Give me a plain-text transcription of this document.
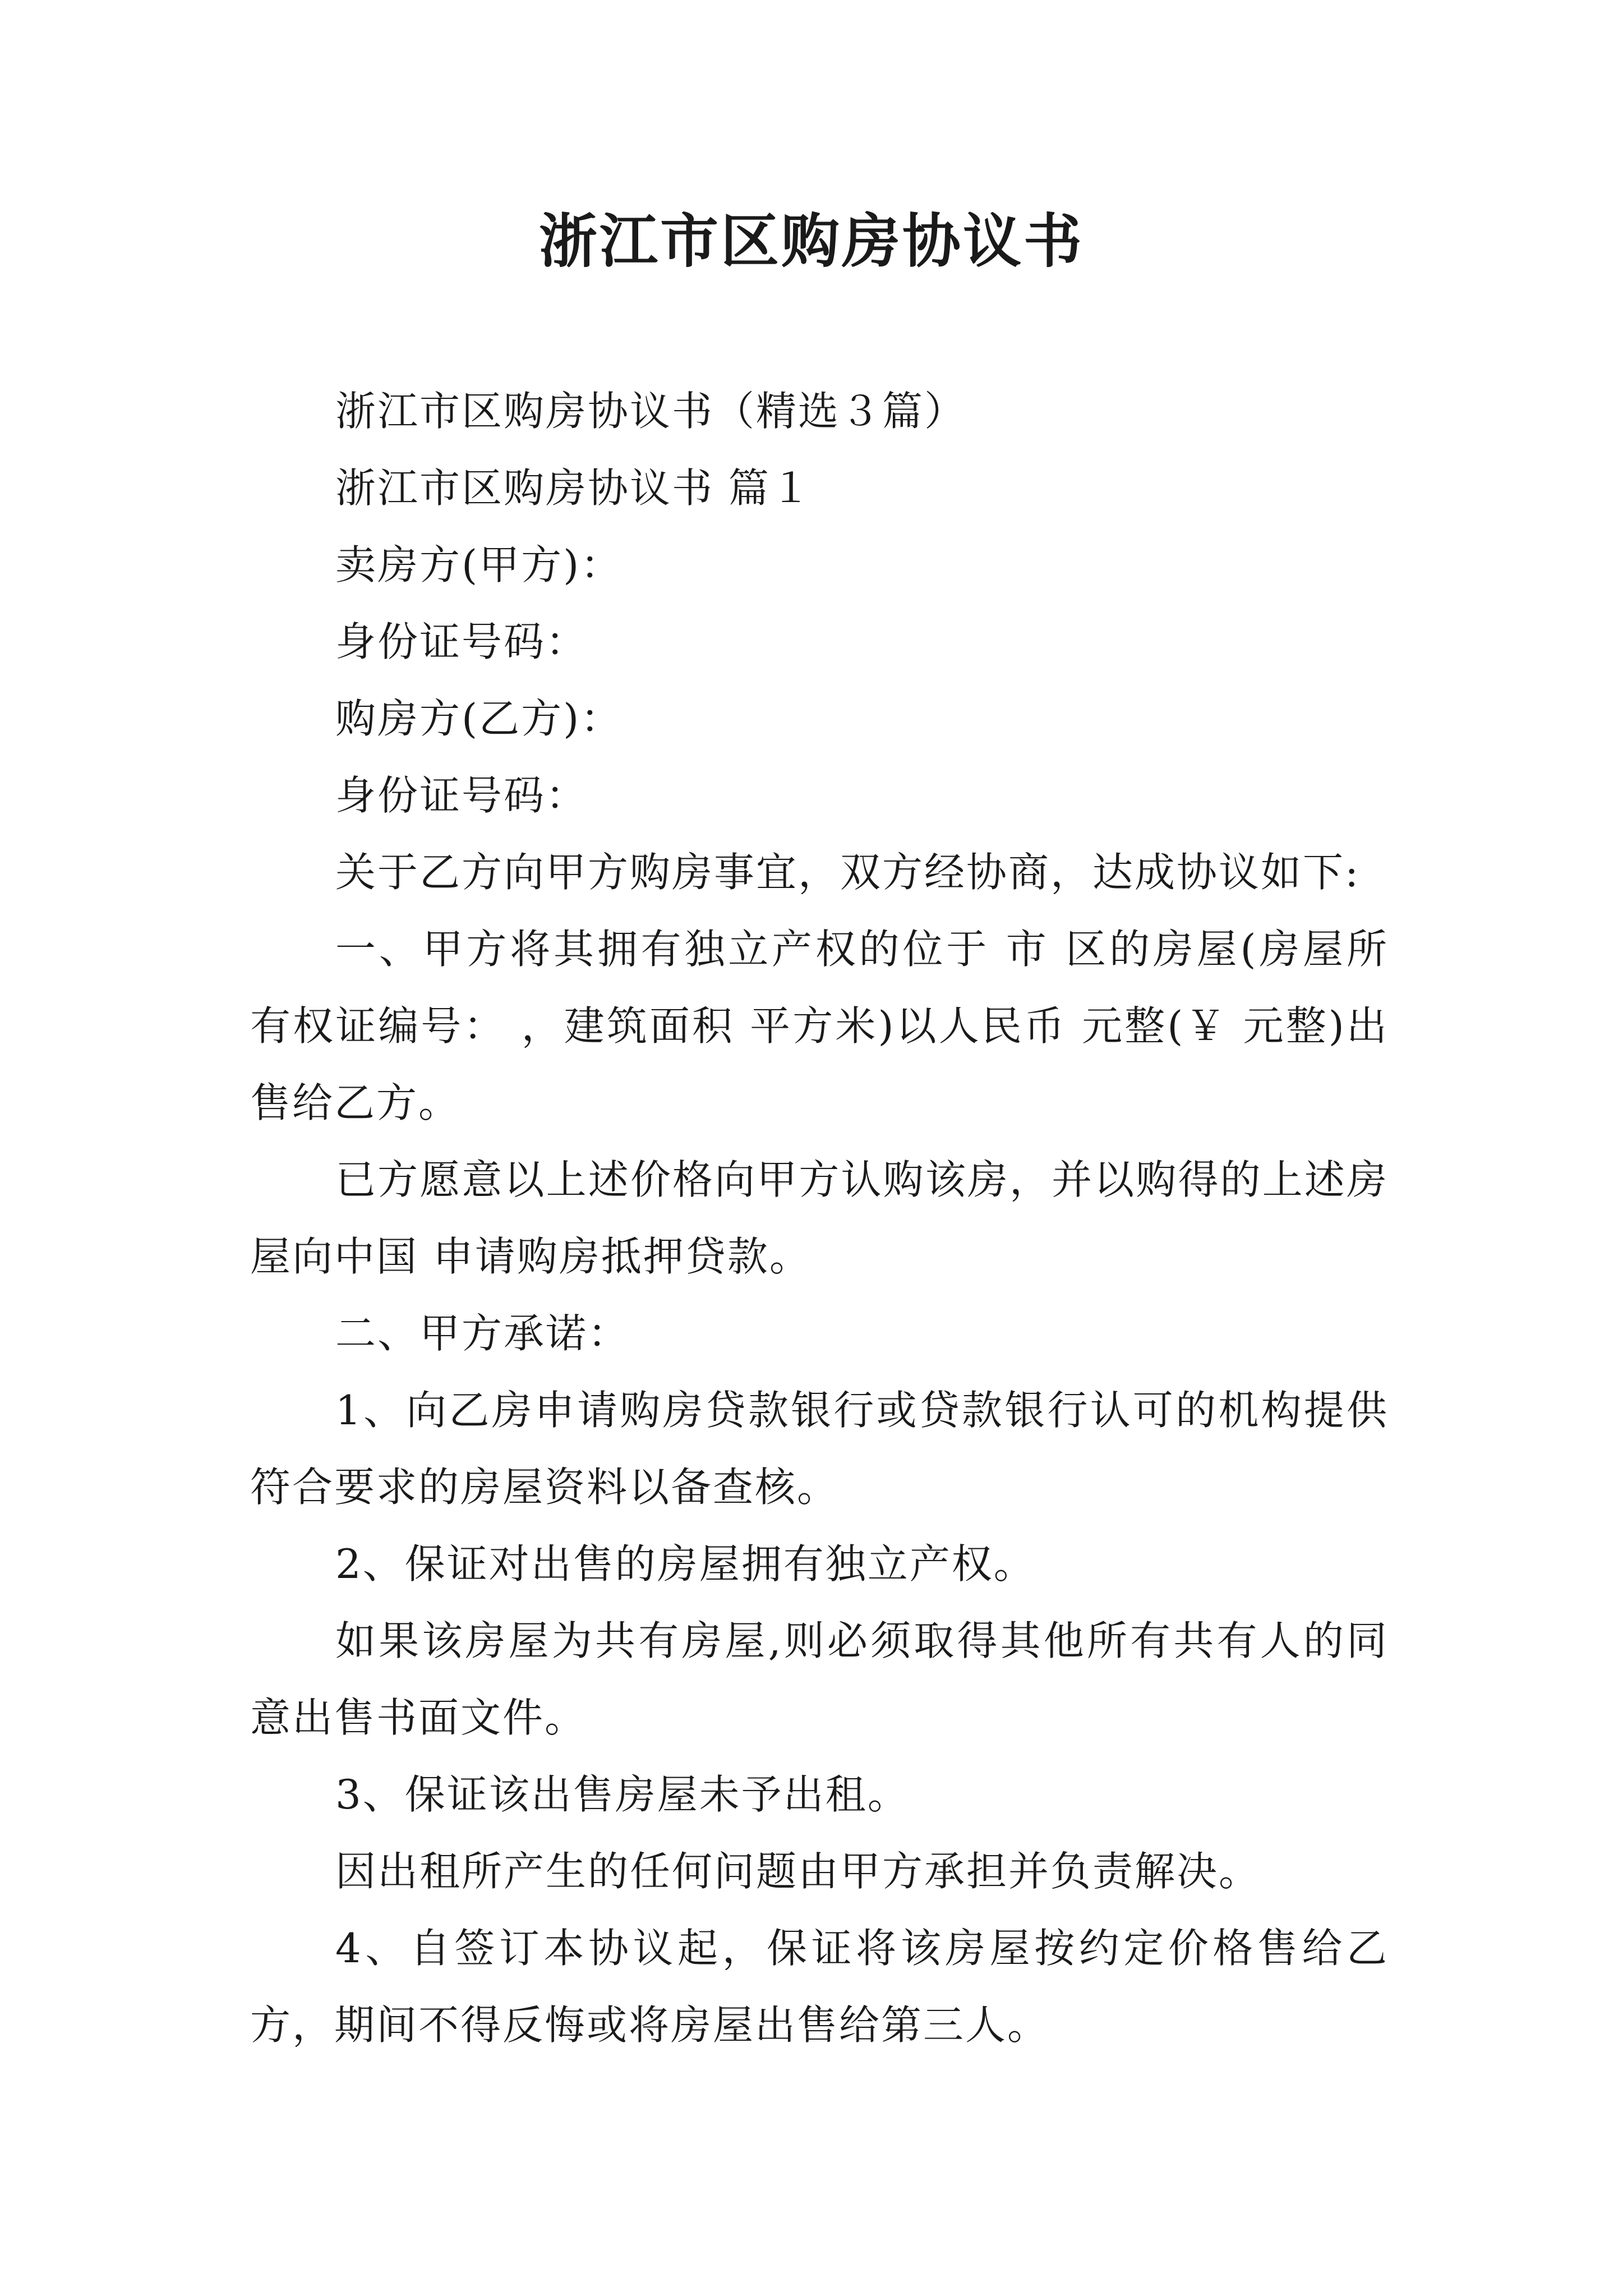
浙江市区购房协议书

浙江市区购房协议书（精选３篇）

浙江市区购房协议书 篇１

卖房方(甲方)：

身份证号码：

购房方(乙方)：

身份证号码：

关于乙方向甲方购房事宜，双方经协商，达成协议如下:

一、甲方将其拥有独立产权的位于 市 区的房屋(房屋所有权证编号： ，建筑面积 平方米)以人民币 元整(￥ 元整)出售给乙方。

已方愿意以上述价格向甲方认购该房，并以购得的上述房屋向中国 申请购房抵押贷款。

二、甲方承诺：

1、向乙房申请购房贷款银行或贷款银行认可的机构提供符合要求的房屋资料以备查核。

2、保证对出售的房屋拥有独立产权。

如果该房屋为共有房屋,则必须取得其他所有共有人的同意出售书面文件。

3、保证该出售房屋未予出租。

因出租所产生的任何问题由甲方承担并负责解决。

4、自签订本协议起，保证将该房屋按约定价格售给乙方，期间不得反悔或将房屋出售给第三人。
